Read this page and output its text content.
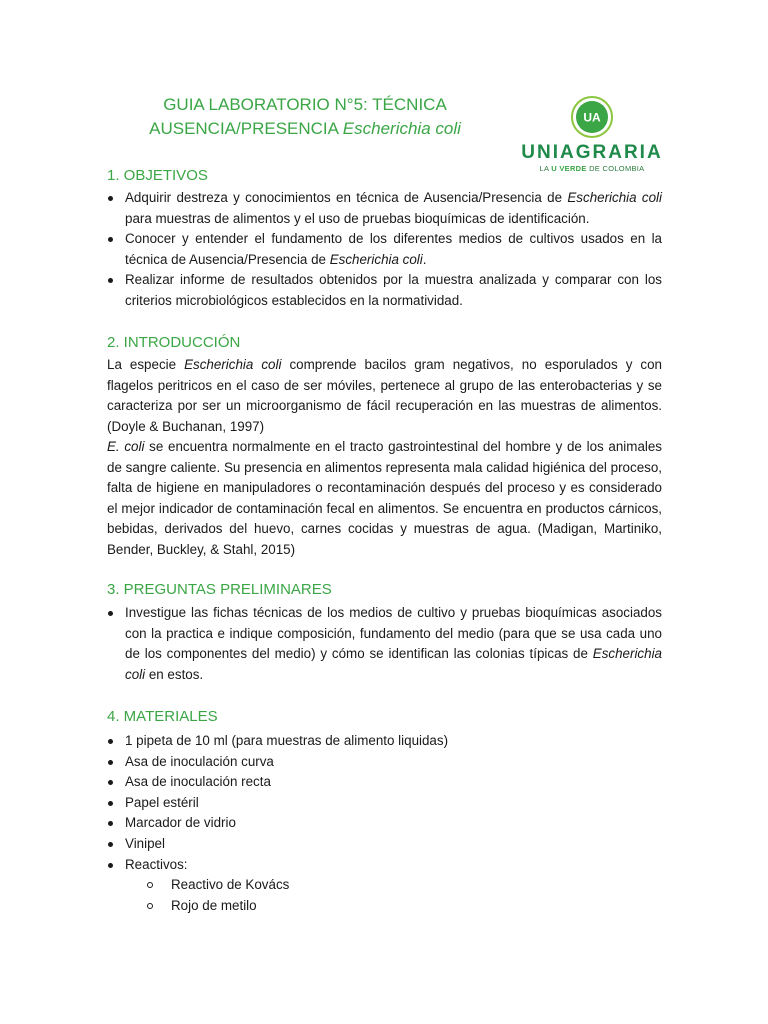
GUIA LABORATORIO N°5: TÉCNICA
AUSENCIA/PRESENCIA Escherichia coli
UA
UNIAGRARIA
LA U VERDE DE COLOMBIA
1. OBJETIVOS
Adquirir destreza y conocimientos en técnica de Ausencia/Presencia de Escherichia coli para muestras de alimentos y el uso de pruebas bioquímicas de identificación.
Conocer y entender el fundamento de los diferentes medios de cultivos usados en la técnica de Ausencia/Presencia de Escherichia coli.
Realizar informe de resultados obtenidos por la muestra analizada y comparar con los criterios microbiológicos establecidos en la normatividad.
2. INTRODUCCIÓN

La especie Escherichia coli comprende bacilos gram negativos, no esporulados y con flagelos peritricos en el caso de ser móviles, pertenece al grupo de las enterobacterias y se caracteriza por ser un microorganismo de fácil recuperación en las muestras de alimentos. (Doyle & Buchanan, 1997)

E. coli se encuentra normalmente en el tracto gastrointestinal del hombre y de los animales de sangre caliente. Su presencia en alimentos representa mala calidad higiénica del proceso, falta de higiene en manipuladores o recontaminación después del proceso y es considerado el mejor indicador de contaminación fecal en alimentos. Se encuentra en productos cárnicos, bebidas, derivados del huevo, carnes cocidas y muestras de agua. (Madigan, Martiniko, Bender, Buckley, & Stahl, 2015)

3. PREGUNTAS PRELIMINARES
Investigue las fichas técnicas de los medios de cultivo y pruebas bioquímicas asociados con la practica e indique composición, fundamento del medio (para que se usa cada uno de los componentes del medio) y cómo se identifican las colonias típicas de Escherichia coli en estos.
4. MATERIALES
1 pipeta de 10 ml (para muestras de alimento liquidas)
Asa de inoculación curva
Asa de inoculación recta
Papel estéril
Marcador de vidrio
Vinipel
Reactivos:
Reactivo de Kovács
Rojo de metilo
